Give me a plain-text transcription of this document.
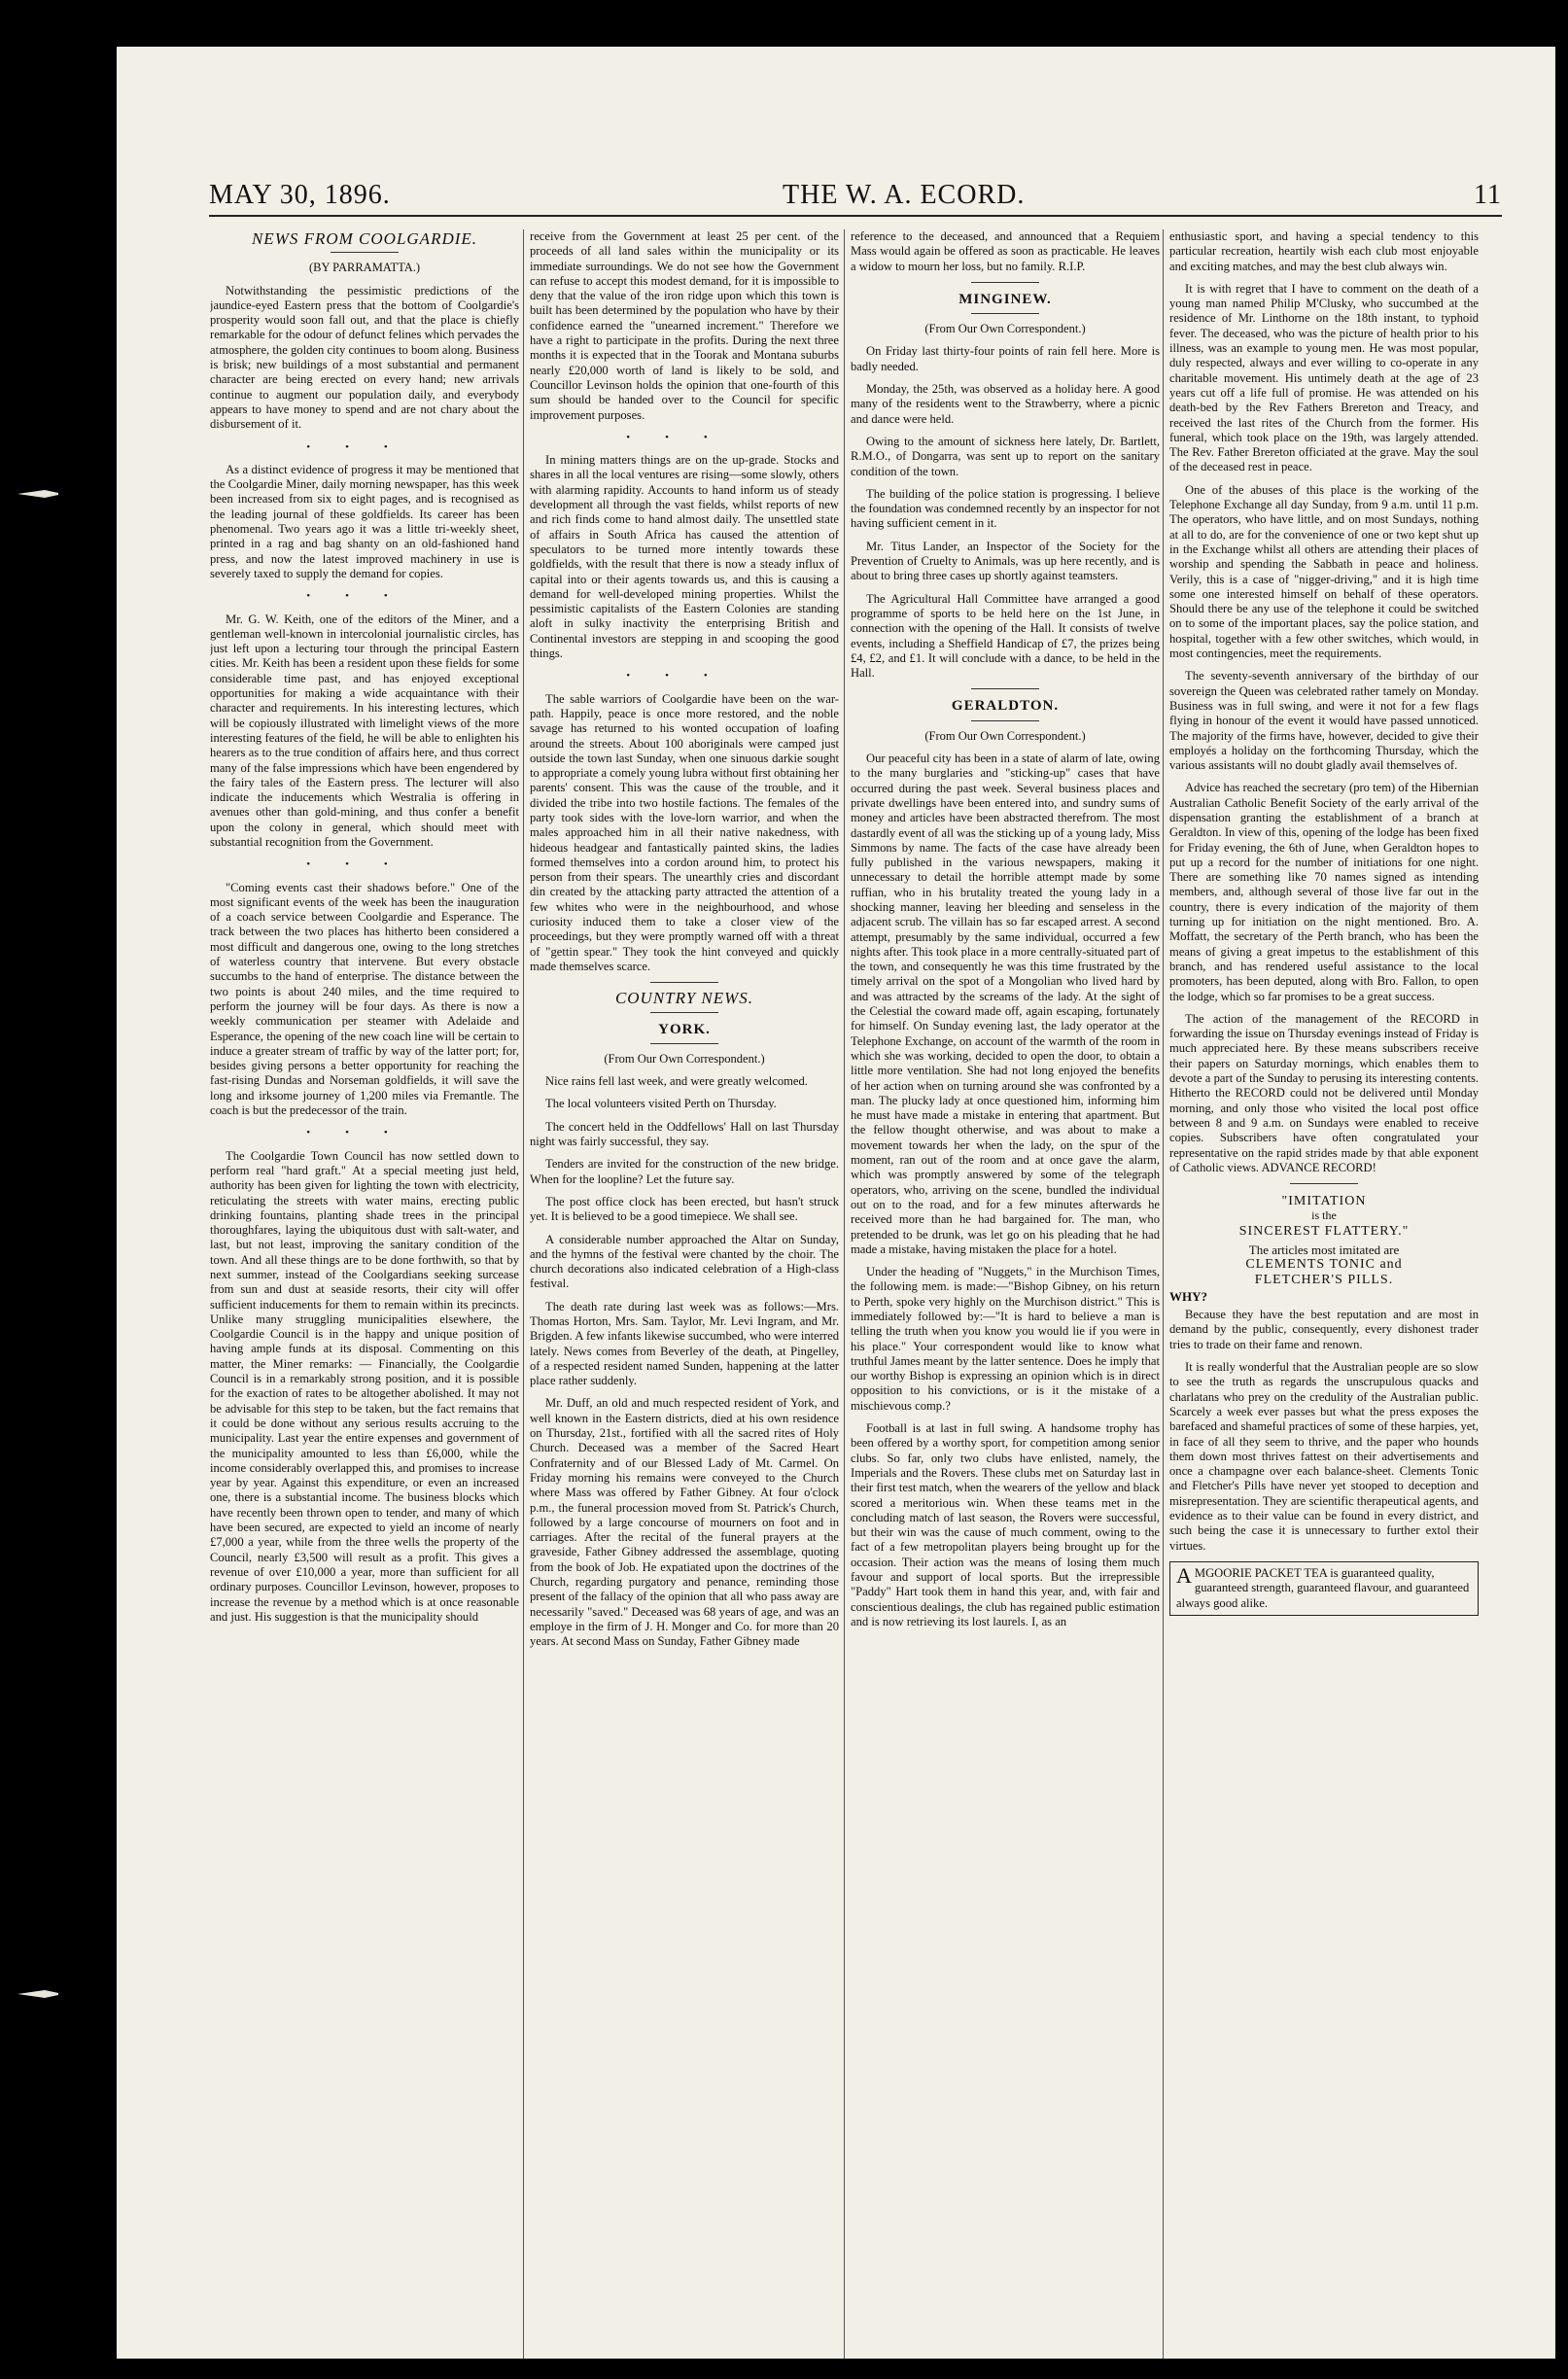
MAY 30, 1896.	THE W. A. ECORD.	11
NEWS FROM COOLGARDIE.
(BY PARRAMATTA.)

Notwithstanding the pessimistic predictions of the jaundice-eyed Eastern press that the bottom of Coolgardie's prosperity would soon fall out, and that the place is chiefly remarkable for the odour of defunct felines which pervades the atmosphere, the golden city continues to boom along. Business is brisk; new buildings of a most substantial and permanent character are being erected on every hand; new arrivals continue to augment our population daily, and everybody appears to have money to spend and are not chary about the disbursement of it.

•••

As a distinct evidence of progress it may be mentioned that the Coolgardie Miner, daily morning newspaper, has this week been increased from six to eight pages, and is recognised as the leading journal of these goldfields. Its career has been phenomenal. Two years ago it was a little tri-weekly sheet, printed in a rag and bag shanty on an old-fashioned hand press, and now the latest improved machinery in use is severely taxed to supply the demand for copies.

•••

Mr. G. W. Keith, one of the editors of the Miner, and a gentleman well-known in intercolonial journalistic circles, has just left upon a lecturing tour through the principal Eastern cities. Mr. Keith has been a resident upon these fields for some considerable time past, and has enjoyed exceptional opportunities for making a wide acquaintance with their character and requirements. In his interesting lectures, which will be copiously illustrated with limelight views of the more interesting features of the field, he will be able to enlighten his hearers as to the true condition of affairs here, and thus correct many of the false impressions which have been engendered by the fairy tales of the Eastern press. The lecturer will also indicate the inducements which Westralia is offering in avenues other than gold-mining, and thus confer a benefit upon the colony in general, which should meet with substantial recognition from the Government.

•••

"Coming events cast their shadows before." One of the most significant events of the week has been the inauguration of a coach service between Coolgardie and Esperance. The track between the two places has hitherto been considered a most difficult and dangerous one, owing to the long stretches of waterless country that intervene. But every obstacle succumbs to the hand of enterprise. The distance between the two points is about 240 miles, and the time required to perform the journey will be four days. As there is now a weekly communication per steamer with Adelaide and Esperance, the opening of the new coach line will be certain to induce a greater stream of traffic by way of the latter port; for, besides giving persons a better opportunity for reaching the fast-rising Dundas and Norseman goldfields, it will save the long and irksome journey of 1,200 miles via Fremantle. The coach is but the predecessor of the train.

•••

The Coolgardie Town Council has now settled down to perform real "hard graft." At a special meeting just held, authority has been given for lighting the town with electricity, reticulating the streets with water mains, erecting public drinking fountains, planting shade trees in the principal thoroughfares, laying the ubiquitous dust with salt-water, and last, but not least, improving the sanitary condition of the town. And all these things are to be done forthwith, so that by next summer, instead of the Coolgardians seeking surcease from sun and dust at seaside resorts, their city will offer sufficient inducements for them to remain within its precincts. Unlike many struggling municipalities elsewhere, the Coolgardie Council is in the happy and unique position of having ample funds at its disposal. Commenting on this matter, the Miner remarks: — Financially, the Coolgardie Council is in a remarkably strong position, and it is possible for the exaction of rates to be altogether abolished. It may not be advisable for this step to be taken, but the fact remains that it could be done without any serious results accruing to the municipality. Last year the entire expenses and government of the municipality amounted to less than £6,000, while the income considerably overlapped this, and promises to increase year by year. Against this expenditure, or even an increased one, there is a substantial income. The business blocks which have recently been thrown open to tender, and many of which have been secured, are expected to yield an income of nearly £7,000 a year, while from the three wells the property of the Council, nearly £3,500 will result as a profit. This gives a revenue of over £10,000 a year, more than sufficient for all ordinary purposes. Councillor Levinson, however, proposes to increase the revenue by a method which is at once reasonable and just. His suggestion is that the municipality should

receive from the Government at least 25 per cent. of the proceeds of all land sales within the municipality or its immediate surroundings. We do not see how the Government can refuse to accept this modest demand, for it is impossible to deny that the value of the iron ridge upon which this town is built has been determined by the population who have by their confidence earned the "unearned increment." Therefore we have a right to participate in the profits. During the next three months it is expected that in the Toorak and Montana suburbs nearly £20,000 worth of land is likely to be sold, and Councillor Levinson holds the opinion that one-fourth of this sum should be handed over to the Council for specific improvement purposes.

•••

In mining matters things are on the up-grade. Stocks and shares in all the local ventures are rising—some slowly, others with alarming rapidity. Accounts to hand inform us of steady development all through the vast fields, whilst reports of new and rich finds come to hand almost daily. The unsettled state of affairs in South Africa has caused the attention of speculators to be turned more intently towards these goldfields, with the result that there is now a steady influx of capital into or their agents towards us, and this is causing a demand for well-developed mining properties. Whilst the pessimistic capitalists of the Eastern Colonies are standing aloft in sulky inactivity the enterprising British and Continental investors are stepping in and scooping the good things.

•••

The sable warriors of Coolgardie have been on the war-path. Happily, peace is once more restored, and the noble savage has returned to his wonted occupation of loafing around the streets. About 100 aboriginals were camped just outside the town last Sunday, when one sinuous darkie sought to appropriate a comely young lubra without first obtaining her parents' consent. This was the cause of the trouble, and it divided the tribe into two hostile factions. The females of the party took sides with the love-lorn warrior, and when the males approached him in all their native nakedness, with hideous headgear and fantastically painted skins, the ladies formed themselves into a cordon around him, to protect his person from their spears. The unearthly cries and discordant din created by the attacking party attracted the attention of a few whites who were in the neighbourhood, and whose curiosity induced them to take a closer view of the proceedings, but they were promptly warned off with a threat of "gettin spear." They took the hint conveyed and quickly made themselves scarce.

COUNTRY NEWS.
YORK.
(From Our Own Correspondent.)

Nice rains fell last week, and were greatly welcomed.

The local volunteers visited Perth on Thursday.

The concert held in the Oddfellows' Hall on last Thursday night was fairly successful, they say.

Tenders are invited for the construction of the new bridge. When for the loopline? Let the future say.

The post office clock has been erected, but hasn't struck yet. It is believed to be a good timepiece. We shall see.

A considerable number approached the Altar on Sunday, and the hymns of the festival were chanted by the choir. The church decorations also indicated celebration of a High-class festival.

The death rate during last week was as follows:—Mrs. Thomas Horton, Mrs. Sam. Taylor, Mr. Levi Ingram, and Mr. Brigden. A few infants likewise succumbed, who were interred lately. News comes from Beverley of the death, at Pingelley, of a respected resident named Sunden, happening at the latter place rather suddenly.

Mr. Duff, an old and much respected resident of York, and well known in the Eastern districts, died at his own residence on Thursday, 21st., fortified with all the sacred rites of Holy Church. Deceased was a member of the Sacred Heart Confraternity and of our Blessed Lady of Mt. Carmel. On Friday morning his remains were conveyed to the Church where Mass was offered by Father Gibney. At four o'clock p.m., the funeral procession moved from St. Patrick's Church, followed by a large concourse of mourners on foot and in carriages. After the recital of the funeral prayers at the graveside, Father Gibney addressed the assemblage, quoting from the book of Job. He expatiated upon the doctrines of the Church, regarding purgatory and penance, reminding those present of the fallacy of the opinion that all who pass away are necessarily "saved." Deceased was 68 years of age, and was an employe in the firm of J. H. Monger and Co. for more than 20 years. At second Mass on Sunday, Father Gibney made

reference to the deceased, and announced that a Requiem Mass would again be offered as soon as practicable. He leaves a widow to mourn her loss, but no family. R.I.P.

MINGINEW.
(From Our Own Correspondent.)

On Friday last thirty-four points of rain fell here. More is badly needed.

Monday, the 25th, was observed as a holiday here. A good many of the residents went to the Strawberry, where a picnic and dance were held.

Owing to the amount of sickness here lately, Dr. Bartlett, R.M.O., of Dongarra, was sent up to report on the sanitary condition of the town.

The building of the police station is progressing. I believe the foundation was condemned recently by an inspector for not having sufficient cement in it.

Mr. Titus Lander, an Inspector of the Society for the Prevention of Cruelty to Animals, was up here recently, and is about to bring three cases up shortly against teamsters.

The Agricultural Hall Committee have arranged a good programme of sports to be held here on the 1st June, in connection with the opening of the Hall. It consists of twelve events, including a Sheffield Handicap of £7, the prizes being £4, £2, and £1. It will conclude with a dance, to be held in the Hall.

GERALDTON.
(From Our Own Correspondent.)

Our peaceful city has been in a state of alarm of late, owing to the many burglaries and "sticking-up" cases that have occurred during the past week. Several business places and private dwellings have been entered into, and sundry sums of money and articles have been abstracted therefrom. The most dastardly event of all was the sticking up of a young lady, Miss Simmons by name. The facts of the case have already been fully published in the various newspapers, making it unnecessary to detail the horrible attempt made by some ruffian, who in his brutality treated the young lady in a shocking manner, leaving her bleeding and senseless in the adjacent scrub. The villain has so far escaped arrest. A second attempt, presumably by the same individual, occurred a few nights after. This took place in a more centrally-situated part of the town, and consequently he was this time frustrated by the timely arrival on the spot of a Mongolian who lived hard by and was attracted by the screams of the lady. At the sight of the Celestial the coward made off, again escaping, fortunately for himself. On Sunday evening last, the lady operator at the Telephone Exchange, on account of the warmth of the room in which she was working, decided to open the door, to obtain a little more ventilation. She had not long enjoyed the benefits of her action when on turning around she was confronted by a man. The plucky lady at once questioned him, informing him he must have made a mistake in entering that apartment. But the fellow thought otherwise, and was about to make a movement towards her when the lady, on the spur of the moment, ran out of the room and at once gave the alarm, which was promptly answered by some of the telegraph operators, who, arriving on the scene, bundled the individual out on to the road, and for a few minutes afterwards he received more than he had bargained for. The man, who pretended to be drunk, was let go on his pleading that he had made a mistake, having mistaken the place for a hotel.

Under the heading of "Nuggets," in the Murchison Times, the following mem. is made:—"Bishop Gibney, on his return to Perth, spoke very highly on the Murchison district." This is immediately followed by:—"It is hard to believe a man is telling the truth when you know you would lie if you were in his place." Your correspondent would like to know what truthful James meant by the latter sentence. Does he imply that our worthy Bishop is expressing an opinion which is in direct opposition to his convictions, or is it the mistake of a mischievous comp.?

Football is at last in full swing. A handsome trophy has been offered by a worthy sport, for competition among senior clubs. So far, only two clubs have enlisted, namely, the Imperials and the Rovers. These clubs met on Saturday last in their first test match, when the wearers of the yellow and black scored a meritorious win. When these teams met in the concluding match of last season, the Rovers were successful, but their win was the cause of much comment, owing to the fact of a few metropolitan players being brought up for the occasion. Their action was the means of losing them much favour and support of local sports. But the irrepressible "Paddy" Hart took them in hand this year, and, with fair and conscientious dealings, the club has regained public estimation and is now retrieving its lost laurels. I, as an

enthusiastic sport, and having a special tendency to this particular recreation, heartily wish each club most enjoyable and exciting matches, and may the best club always win.

It is with regret that I have to comment on the death of a young man named Philip M'Clusky, who succumbed at the residence of Mr. Linthorne on the 18th instant, to typhoid fever. The deceased, who was the picture of health prior to his illness, was an example to young men. He was most popular, duly respected, always and ever willing to co-operate in any charitable movement. His untimely death at the age of 23 years cut off a life full of promise. He was attended on his death-bed by the Rev Fathers Brereton and Treacy, and received the last rites of the Church from the former. His funeral, which took place on the 19th, was largely attended. The Rev. Father Brereton officiated at the grave. May the soul of the deceased rest in peace.

One of the abuses of this place is the working of the Telephone Exchange all day Sunday, from 9 a.m. until 11 p.m. The operators, who have little, and on most Sundays, nothing at all to do, are for the convenience of one or two kept shut up in the Exchange whilst all others are attending their places of worship and spending the Sabbath in peace and holiness. Verily, this is a case of "nigger-driving," and it is high time some one interested himself on behalf of these operators. Should there be any use of the telephone it could be switched on to some of the important places, say the police station, and hospital, together with a few other switches, which would, in most contingencies, meet the requirements.

The seventy-seventh anniversary of the birthday of our sovereign the Queen was celebrated rather tamely on Monday. Business was in full swing, and were it not for a few flags flying in honour of the event it would have passed unnoticed. The majority of the firms have, however, decided to give their employés a holiday on the forthcoming Thursday, which the various assistants will no doubt gladly avail themselves of.

Advice has reached the secretary (pro tem) of the Hibernian Australian Catholic Benefit Society of the early arrival of the dispensation granting the establishment of a branch at Geraldton. In view of this, opening of the lodge has been fixed for Friday evening, the 6th of June, when Geraldton hopes to put up a record for the number of initiations for one night. There are something like 70 names signed as intending members, and, although several of those live far out in the country, there is every indication of the majority of them turning up for initiation on the night mentioned. Bro. A. Moffatt, the secretary of the Perth branch, who has been the means of giving a great impetus to the establishment of this branch, and has rendered useful assistance to the local promoters, has been deputed, along with Bro. Fallon, to open the lodge, which so far promises to be a great success.

The action of the management of the RECORD in forwarding the issue on Thursday evenings instead of Friday is much appreciated here. By these means subscribers receive their papers on Saturday mornings, which enables them to devote a part of the Sunday to perusing its interesting contents. Hitherto the RECORD could not be delivered until Monday morning, and only those who visited the local post office between 8 and 9 a.m. on Sundays were enabled to receive copies. Subscribers have often congratulated your representative on the rapid strides made by that able exponent of Catholic views. ADVANCE RECORD!

"IMITATION
is the
SINCEREST FLATTERY."
The articles most imitated are
CLEMENTS TONIC and
FLETCHER'S PILLS.
WHY?

Because they have the best reputation and are most in demand by the public, consequently, every dishonest trader tries to trade on their fame and renown.

It is really wonderful that the Australian people are so slow to see the truth as regards the unscrupulous quacks and charlatans who prey on the credulity of the Australian public. Scarcely a week ever passes but what the press exposes the barefaced and shameful practices of some of these harpies, yet, in face of all they seem to thrive, and the paper who hounds them down most thrives fattest on their advertisements and once a champagne over each balance-sheet. Clements Tonic and Fletcher's Pills have never yet stooped to deception and misrepresentation. They are scientific therapeutical agents, and evidence as to their value can be found in every district, and such being the case it is unnecessary to further extol their virtues.

A MGOORIE PACKET TEA is guaranteed quality, guaranteed strength, guaranteed flavour, and guaranteed always good alike.
